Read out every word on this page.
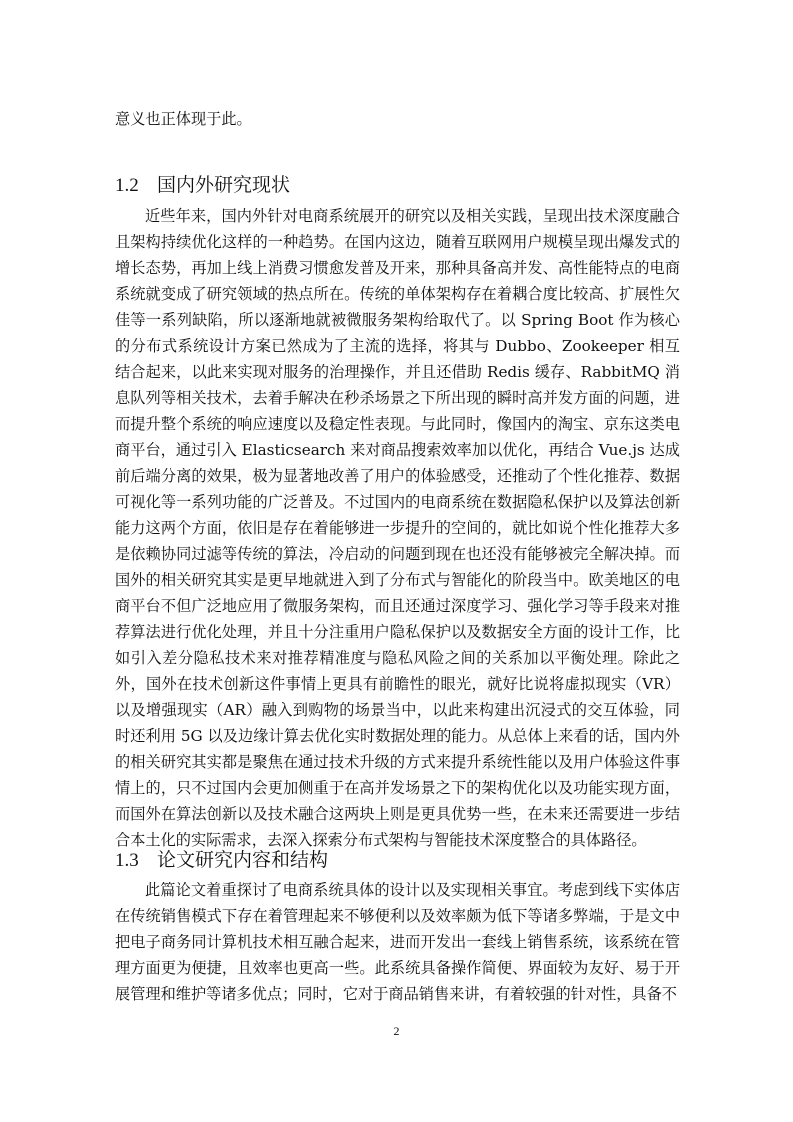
意义也正体现于此。

1.2 国内外研究现状

近些年来，国内外针对电商系统展开的研究以及相关实践，呈现出技术深度融合且架构持续优化这样的一种趋势。在国内这边，随着互联网用户规模呈现出爆发式的增长态势，再加上线上消费习惯愈发普及开来，那种具备高并发、高性能特点的电商系统就变成了研究领域的热点所在。传统的单体架构存在着耦合度比较高、扩展性欠佳等一系列缺陷，所以逐渐地就被微服务架构给取代了。以 Spring Boot 作为核心的分布式系统设计方案已然成为了主流的选择，将其与 Dubbo、Zookeeper 相互结合起来，以此来实现对服务的治理操作，并且还借助 Redis 缓存、RabbitMQ 消息队列等相关技术，去着手解决在秒杀场景之下所出现的瞬时高并发方面的问题，进而提升整个系统的响应速度以及稳定性表现。与此同时，像国内的淘宝、京东这类电商平台，通过引入 Elasticsearch 来对商品搜索效率加以优化，再结合 Vue.js 达成前后端分离的效果，极为显著地改善了用户的体验感受，还推动了个性化推荐、数据可视化等一系列功能的广泛普及。不过国内的电商系统在数据隐私保护以及算法创新能力这两个方面，依旧是存在着能够进一步提升的空间的，就比如说个性化推荐大多是依赖协同过滤等传统的算法，冷启动的问题到现在也还没有能够被完全解决掉。而国外的相关研究其实是更早地就进入到了分布式与智能化的阶段当中。欧美地区的电商平台不但广泛地应用了微服务架构，而且还通过深度学习、强化学习等手段来对推荐算法进行优化处理，并且十分注重用户隐私保护以及数据安全方面的设计工作，比如引入差分隐私技术来对推荐精准度与隐私风险之间的关系加以平衡处理。除此之外，国外在技术创新这件事情上更具有前瞻性的眼光，就好比说将虚拟现实（VR）以及增强现实（AR）融入到购物的场景当中，以此来构建出沉浸式的交互体验，同时还利用 5G 以及边缘计算去优化实时数据处理的能力。从总体上来看的话，国内外的相关研究其实都是聚焦在通过技术升级的方式来提升系统性能以及用户体验这件事情上的，只不过国内会更加侧重于在高并发场景之下的架构优化以及功能实现方面，而国外在算法创新以及技术融合这两块上则是更具优势一些，在未来还需要进一步结合本土化的实际需求，去深入探索分布式架构与智能技术深度整合的具体路径。

1.3 论文研究内容和结构

此篇论文着重探讨了电商系统具体的设计以及实现相关事宜。考虑到线下实体店在传统销售模式下存在着管理起来不够便利以及效率颇为低下等诸多弊端，于是文中把电子商务同计算机技术相互融合起来，进而开发出一套线上销售系统，该系统在管理方面更为便捷，且效率也更高一些。此系统具备操作简便、界面较为友好、易于开展管理和维护等诸多优点；同时，它对于商品销售来讲，有着较强的针对性，具备不

2
